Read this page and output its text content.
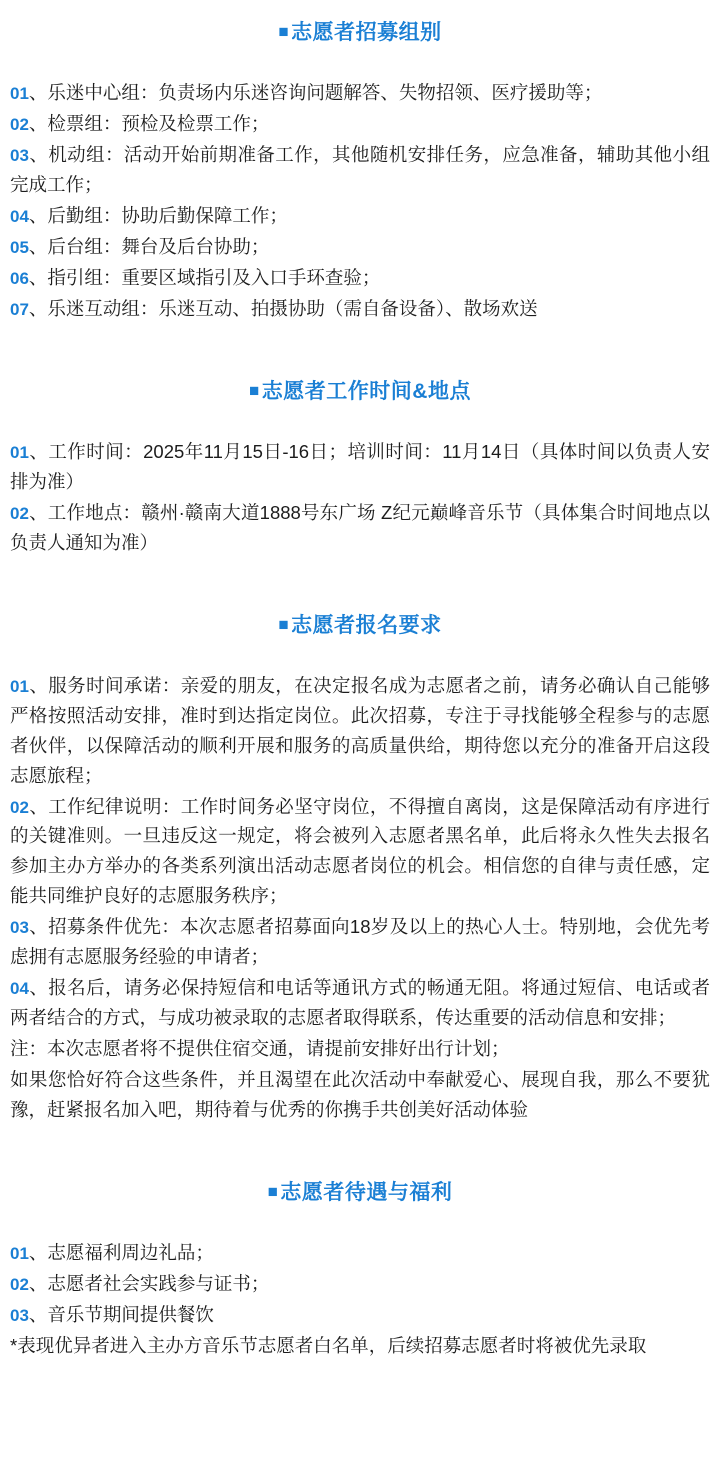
■志愿者招募组别

01、乐迷中心组：负责场内乐迷咨询问题解答、失物招领、医疗援助等；

02、检票组：预检及检票工作；

03、机动组：活动开始前期准备工作，其他随机安排任务，应急准备，辅助其他小组完成工作；

04、后勤组：协助后勤保障工作；

05、后台组：舞台及后台协助；

06、指引组：重要区域指引及入口手环查验；

07、乐迷互动组：乐迷互动、拍摄协助（需自备设备）、散场欢送

■志愿者工作时间&地点

01、工作时间：2025年11月15日-16日；培训时间：11月14日（具体时间以负责人安排为准）

02、工作地点：赣州·赣南大道1888号东广场 Z纪元巅峰音乐节（具体集合时间地点以负责人通知为准）

■志愿者报名要求

01、服务时间承诺：亲爱的朋友，在决定报名成为志愿者之前，请务必确认自己能够严格按照活动安排，准时到达指定岗位。此次招募，专注于寻找能够全程参与的志愿者伙伴，以保障活动的顺利开展和服务的高质量供给，期待您以充分的准备开启这段志愿旅程；

02、工作纪律说明：工作时间务必坚守岗位，不得擅自离岗，这是保障活动有序进行的关键准则。一旦违反这一规定，将会被列入志愿者黑名单，此后将永久性失去报名参加主办方举办的各类系列演出活动志愿者岗位的机会。相信您的自律与责任感，定能共同维护良好的志愿服务秩序；

03、招募条件优先：本次志愿者招募面向18岁及以上的热心人士。特别地，会优先考虑拥有志愿服务经验的申请者；

04、报名后，请务必保持短信和电话等通讯方式的畅通无阻。将通过短信、电话或者两者结合的方式，与成功被录取的志愿者取得联系，传达重要的活动信息和安排；

注：本次志愿者将不提供住宿交通，请提前安排好出行计划；

如果您恰好符合这些条件，并且渴望在此次活动中奉献爱心、展现自我，那么不要犹豫，赶紧报名加入吧，期待着与优秀的你携手共创美好活动体验

■志愿者待遇与福利

01、志愿福利周边礼品；

02、志愿者社会实践参与证书；

03、音乐节期间提供餐饮

*表现优异者进入主办方音乐节志愿者白名单，后续招募志愿者时将被优先录取
